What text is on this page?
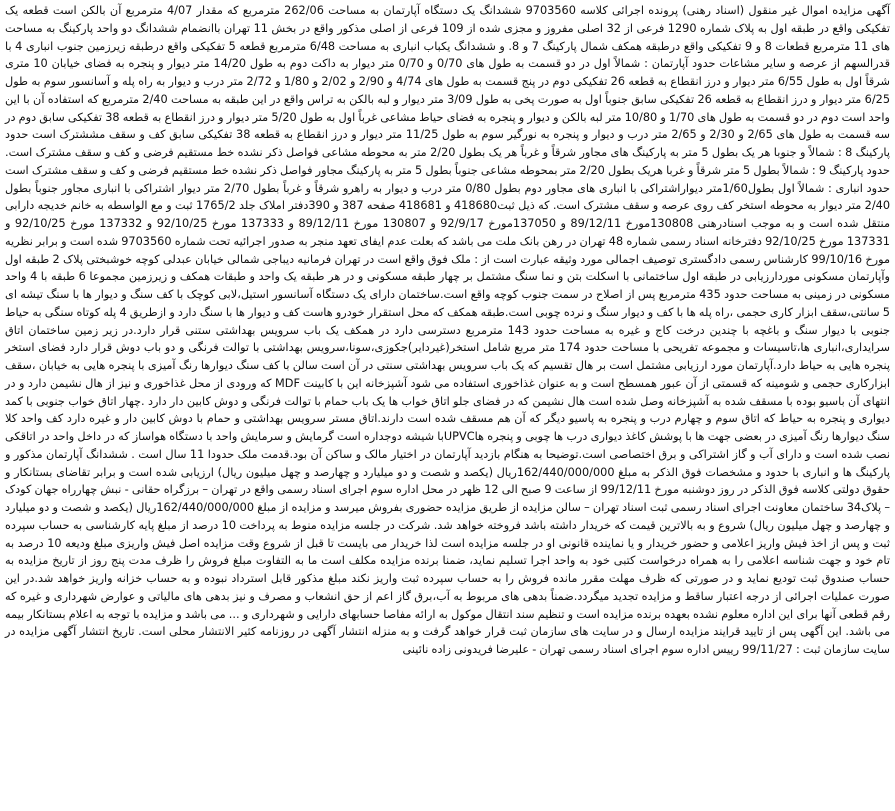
آگهی مزایده اموال غیر منقول (اسناد رهنی) پرونده اجرائی کلاسه 9703560 ششدانگ یک دستگاه آپارتمان به مساحت 262/06 مترمربع که مقدار 4/07 مترمربع آن بالکن است قطعه یک تفکیکی واقع در طبقه اول به پلاک شماره 1290 فرعی از 32 اصلی مفروز و مجزی شده از 109 فرعی از اصلی مذکور واقع در بخش 11 تهران باانضمام ششدانگ دو واحد پارکینگ به مساحت های 11 مترمربع قطعات 8 و 9 تفکیکی واقع درطبقه همکف شمال پارکینگ 7 و 8. و ششدانگ یکباب انباری به مساحت 6/48 مترمربع قطعه 5 تفکیکی واقع درطبقه زیرزمین جنوب انباری 4 با قدرالسهم از عرصه و سایر مشاعات حدود آپارتمان : شمالاً اول در دو قسمت به طول های 0/70 و 0/70 متر دیوار به داکت دوم به طول 14/20 متر دیوار و پنجره به فضای خیابان 10 متری شرقاً اول به طول 6/55 متر دیوار و درز انقطاع به قطعه 26 تفکیکی دوم در پنج قسمت به طول های 4/74 و 2/90 و 2/02 و 1/80 و 2/72 متر درب و دیوار به راه پله و آسانسور سوم به طول 6/25 متر دیوار و درز انقطاع به قطعه 26 تفکیکی سابق جنوباً اول به صورت پخی به طول 3/09 متر دیوار و لبه بالکن به تراس واقع در این طبقه به مساحت 2/40 مترمربع که استفاده آن با این واحد است دوم در دو قسمت به طول های 1/70 و 10/80 متر لبه بالکن و دیوار و پنجره به فضای حیاط مشاعی غرباً اول به طول 5/20 متر دیوار و درز انقطاع به قطعه 38 تفکیکی سابق دوم در سه قسمت به طول های 2/65 و 2/30 و 2/65 متر درب و دیوار و پنجره به نورگیر سوم به طول 11/25 متر دیوار و درز انقطاع به قطعه 38 تفکیکی سابق کف و سقف مششترک است حدود پارکینگ 8 : شمالاً و جنوبا هر یک بطول 5 متر به پارکینگ های مجاور شرقاً و غرباً هر یک بطول 2/20 متر به محوطه مشاعی فواصل ذکر نشده خط مستقیم فرضی و کف و سقف مشترک است. حدود پارکینگ 9 : شمالاً بطول 5 متر شرقاً و غربا هریک بطول 2/20 متر بمحوطه مشاعی جنوباً بطول 5 متر به پارکینگ مجاور فواصل ذکر نشده خط مستقیم فرضی و کف و سقف مشترک است حدود انباری : شمالاً اول بطول1/60متر دیواراشتراکی با انباری های مجاور دوم بطول 0/80 متر درب و دیوار به راهرو شرقاً و غرباً بطول 2/70 متر دیوار اشتراکی با انباری مجاور جنوباً بطول 2/40 متر دیوار به محوطه استخر کف روی عرصه و سقف مشترک است. که ذیل ثبت418680 و 418681 صفحه 387 و 390دفتر املاک جلد 1765/2 ثبت و مع الواسطه به خانم خدیجه دارابی منتقل شده است و به موجب اسنادرهنی 130808مورخ 89/12/11 و 137050مورخ 92/9/17 و 130807 مورخ 89/12/11 و 137333 مورخ 92/10/25 و 137332 مورخ 92/10/25 و 137331 مورخ 92/10/25 دفترخانه اسناد رسمی شماره 48 تهران در رهن بانک ملت می باشد که بعلت عدم ایفای تعهد منجر به صدور اجرائیه تحت شماره 9703560 شده است و برابر نظریه مورخ 99/10/16 کارشناس رسمی دادگستری توصیف اجمالی مورد وثیقه عبارت است از : ملک فوق واقع است در تهران فرمانیه دیباجی شمالی خیابان عبدلی کوچه خوشبختی پلاک 2 طبقه اول وآپارتمان مسکونی موردارزیابی در طبقه اول ساختمانی با اسکلت بتن و نما سنگ مشتمل بر چهار طبقه مسکونی و در هر طبقه یک واحد و طبقات همکف و زیرزمین مجموعا 6 طبقه با 4 واحد مسکونی در زمینی به مساحت حدود 435 مترمربع پس از اصلاح در سمت جنوب کوچه واقع است.ساختمان دارای یک دستگاه آسانسور استیل،لابی کوچک با کف سنگ و دیوار ها با سنگ تیشه ای 5 سانتی،سقف ابزار کاری حجمی ،راه پله ها با کف و دیوار سنگ و نرده چوبی است.طبقه همکف که محل استقرار خودرو هاست کف و دیوار ها با سنگ دارد و ازطریق 4 پله کوتاه سنگی به حیاط جنوبی با دیوار سنگ و باغچه با چندین درخت کاج و غیره به مساحت حدود 143 مترمربع دسترسی دارد در همکف یک باب سرویس بهداشتی ستنی قرار دارد.در زیر زمین ساختمان اتاق سرایداری،انباری ها،تاسیسات و مجموعه تفریحی با مساحت حدود 174 متر مربع شامل استخر(غیردایر)جکوزی،سونا،سرویس بهداشتی با توالت فرنگی و دو باب دوش قرار دارد فضای استخر پنجره هایی به حیاط دارد.آپارتمان مورد ارزیابی مشتمل است بر هال تقسیم که یک باب سرویس بهداشتی سنتی در آن است سالن با کف سنگ دیوارها رنگ آمیزی با پنجره هایی به خیابان ،سقف ابزارکاری حجمی و شومینه که قسمتی از آن عبور همسطح است و به عنوان غذاخوری استفاده می شود آشپزخانه این با کابینت MDF که ورودی از محل غذاخوری و نیز از هال نشیمن دارد و در انتهای آن باسیو بوده با مسقف شده به آشپزخانه وصل شده است هال نشیمن که در فضای جلو اتاق خواب ها یک باب حمام با توالت فرنگی و دوش کابین دار دارد .چهار اتاق خواب جنوبی با کمد دیواری و پنجره به حیاط که اتاق سوم و چهارم درب و پنجره به پاسیو دیگر که آن هم مسقف شده است دارند.اتاق مستر سرویس بهداشتی و حمام با دوش کابین دار و غیره دارد کف واحد کلا سنگ دیوارها رنگ آمیزی در بعضی جهت ها با پوشش کاغذ دیواری درب ها چوبی و پنجره هاUPVCبا شیشه دوجداره است گرمایش و سرمایش واحد با دستگاه هواساز که در داخل واحد در اتاقکی نصب شده است و دارای آب و گاز اشتراکی و برق اختصاصی است.توضیحا به هنگام بازدید آپارتمان در اختیار مالک و ساکن آن بود.قدمت ملک حدودا 11 سال است . ششدانگ آپارتمان مذکور و پارکینگ ها و انباری با حدود و مشخصات فوق الذکر به مبلغ 162/440/000/000ریال (یکصد و شصت و دو میلیارد و چهارصد و چهل میلیون ریال) ارزیابی شده است و برابر تقاضای بستانکار و حقوق دولتی کلاسه فوق الذکر در روز دوشنبه مورخ 99/12/11 از ساعت 9 صبح الی 12 ظهر در محل اداره سوم اجرای اسناد رسمی واقع در تهران – برزگراه حقانی - نبش چهارراه جهان کودک – پلاک34 ساختمان معاونت اجرای اسناد رسمی ثبت اسناد تهران – سالن مزایده از طریق مزایده حضوری بفروش میرسد و مزایده از مبلغ 162/440/000/000ریال (یکصد و شصت و دو میلیارد و چهارصد و چهل میلیون ریال) شروع و به بالاترین قیمت که خریدار داشته باشد فروخته خواهد شد. شرکت در جلسه مزایده منوط به پرداخت 10 درصد از مبلغ پایه کارشناسی به حساب سپرده ثبت و پس از اخذ فیش واریز اعلامی و حضور خریدار و یا نماینده قانونی او در جلسه مزایده است لذا خریدار می بایست تا قبل از شروع وقت مزایده اصل فیش واریزی مبلغ ودیعه 10 درصد به تام خود و جهت شناسه اعلامی را به همراه درخواست کتبی خود به واحد اجرا تسلیم نماید، ضمنا برنده مزایده مکلف است ما به التفاوت مبلغ فروش را ظرف مدت پنج روز از تاریخ مزایده به حساب صندوق ثبت تودیع نماید و در صورتی که ظرف مهلت مقرر مانده فروش را به حساب سپرده ثبت واریز نکند مبلغ مذکور قابل استرداد نبوده و به حساب خزانه واریز خواهد شد.در این صورت عملیات اجرائی از درجه اعتبار ساقط و مزایده تجدید میگردد.ضمناً بدهی های مربوط به آب،برق گاز اعم از حق انشعاب و مصرف و نیز بدهی های مالیاتی و عوارض شهرداری و غیره که رقم قطعی آنها برای این اداره معلوم نشده بعهده برنده مزایده است و تنظیم سند انتقال موکول به ارائه مفاصا حسابهای دارایی و شهرداری و ... می باشد و مزایده با توجه به اعلام بستانکار بیمه می باشد. این آگهی پس از تایید قرایند مزایده ارسال و در سایت های سازمان ثبت قرار خواهد گرفت و به منزله انتشار آگهی در روزنامه کثیر الانتشار محلی است. تاریخ انتشار آگهی مزایده در سایت سازمان ثبت : 99/11/27 رییس اداره سوم اجرای اسناد رسمی تهران - علیرضا فریدونی زاده نائینی
